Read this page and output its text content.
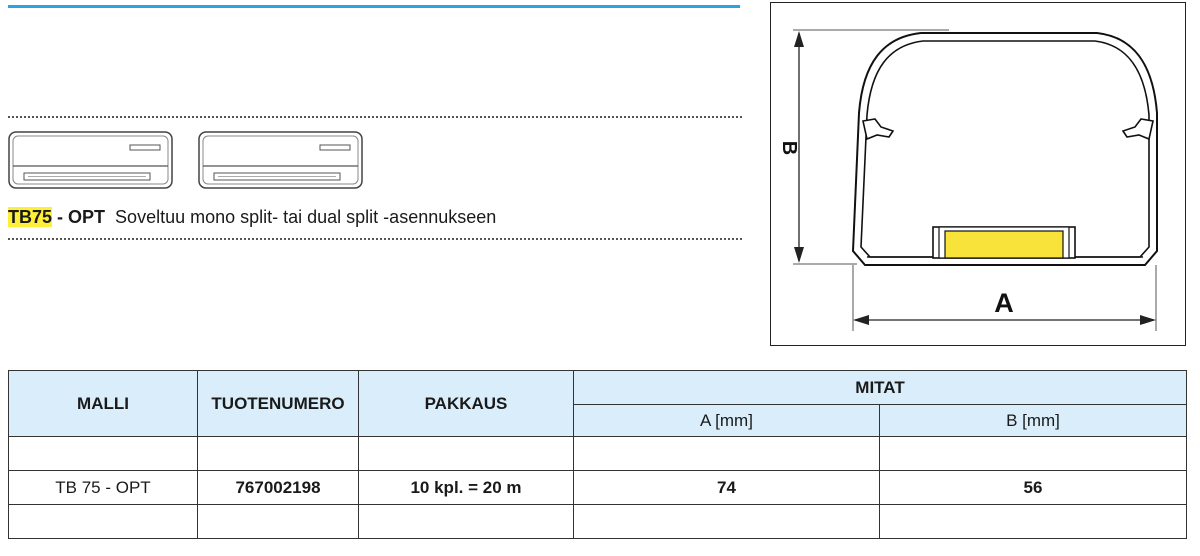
TB75 - OPT Soveltuu mono split- tai dual split -asennukseen
A
B
MALLI	TUOTENUMERO	PAKKAUS	MITAT	
			A [mm]	B [mm]

TB 75 - OPT	767002198	10 kpl. = 20 m	74	56
